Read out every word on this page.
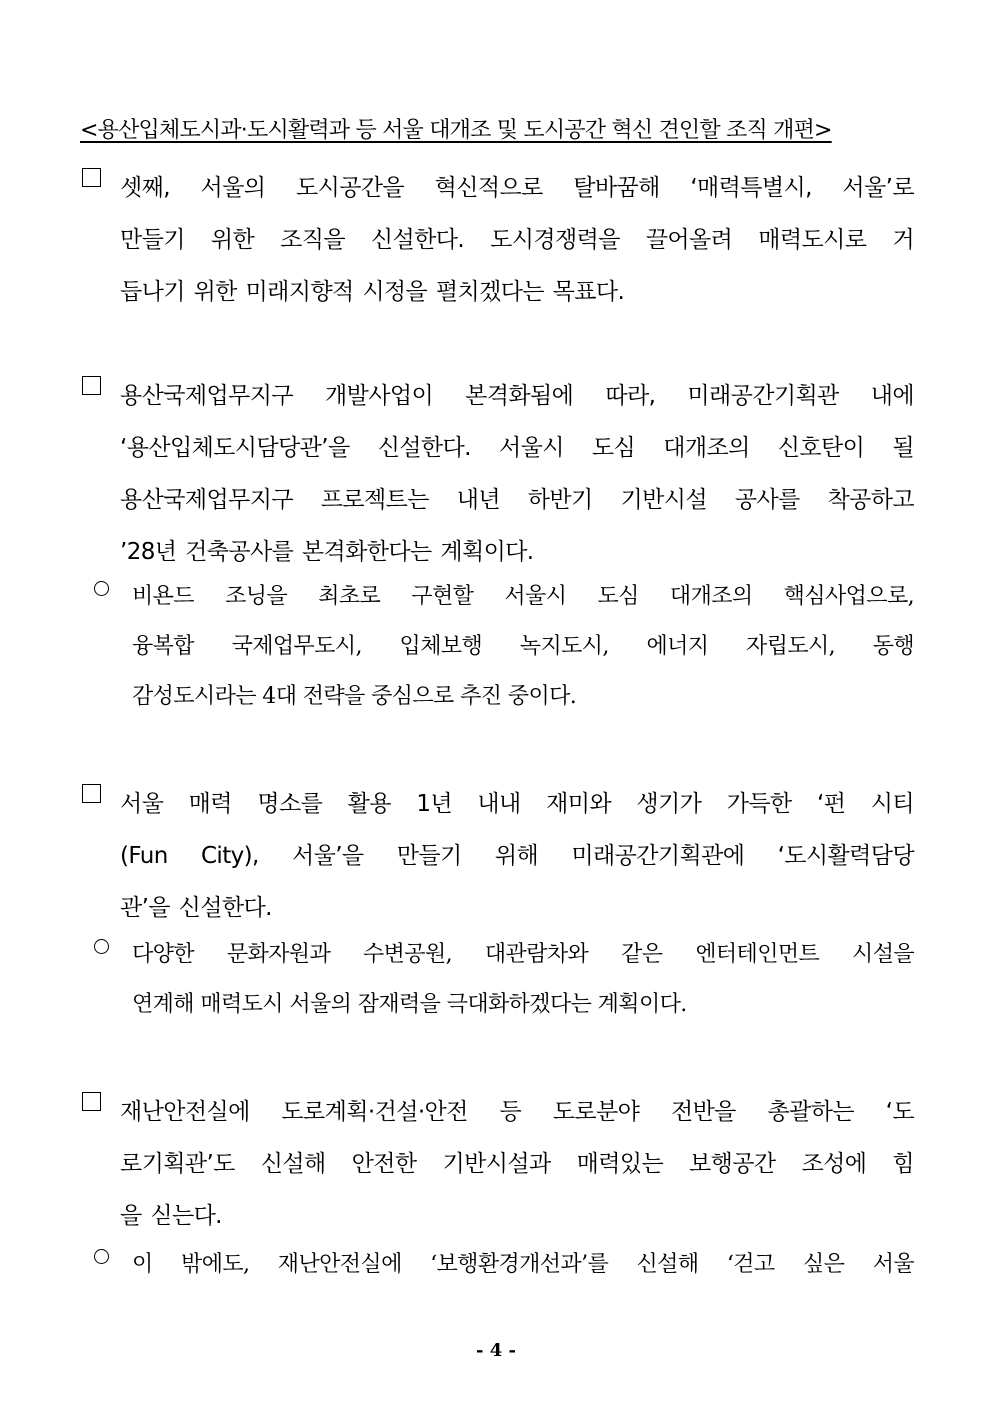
<용산입체도시과·도시활력과 등 서울 대개조 및 도시공간 혁신 견인할 조직 개편>
셋째, 서울의 도시공간을 혁신적으로 탈바꿈해 ‘매력특별시, 서울’로
만들기 위한 조직을 신설한다. 도시경쟁력을 끌어올려 매력도시로 거
듭나기 위한 미래지향적 시정을 펼치겠다는 목표다.
용산국제업무지구 개발사업이 본격화됨에 따라, 미래공간기획관 내에
‘용산입체도시담당관’을 신설한다. 서울시 도심 대개조의 신호탄이 될
용산국제업무지구 프로젝트는 내년 하반기 기반시설 공사를 착공하고
’28년 건축공사를 본격화한다는 계획이다.
비욘드 조닝을 최초로 구현할 서울시 도심 대개조의 핵심사업으로,
융복합 국제업무도시, 입체보행 녹지도시, 에너지 자립도시, 동행
감성도시라는 4대 전략을 중심으로 추진 중이다.
서울 매력 명소를 활용 1년 내내 재미와 생기가 가득한 ‘펀 시티
(Fun City), 서울’을 만들기 위해 미래공간기획관에 ‘도시활력담당
관’을 신설한다.
다양한 문화자원과 수변공원, 대관람차와 같은 엔터테인먼트 시설을
연계해 매력도시 서울의 잠재력을 극대화하겠다는 계획이다.
재난안전실에 도로계획·건설·안전 등 도로분야 전반을 총괄하는 ‘도
로기획관’도 신설해 안전한 기반시설과 매력있는 보행공간 조성에 힘
을 싣는다.
이 밖에도, 재난안전실에 ‘보행환경개선과’를 신설해 ‘걷고 싶은 서울
- 4 -
